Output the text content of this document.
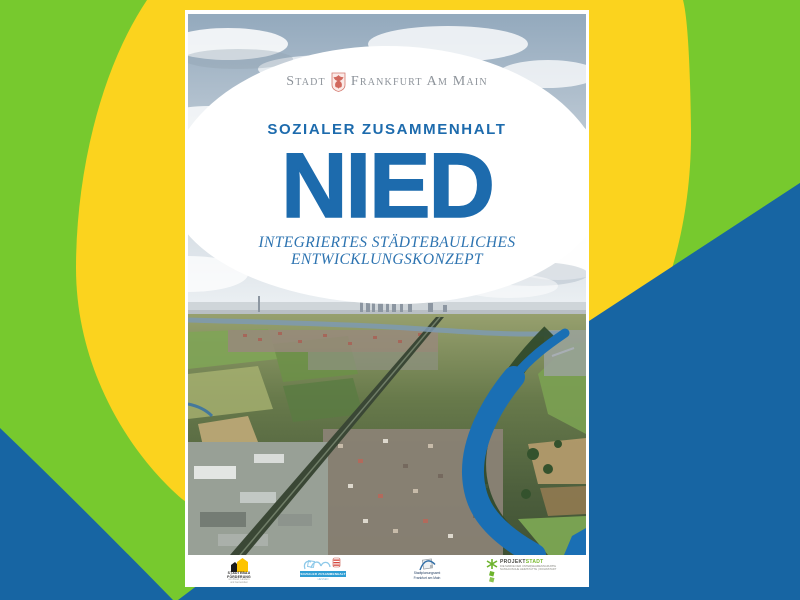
Stadt Frankfurt Am Main
SOZIALER ZUSAMMENHALT
NIED
INTEGRIERTES STÄDTEBAULICHES
ENTWICKLUNGSKONZEPT
STÄDTEBAU
FÖRDERUNG
von Bund, Ländern
und Gemeinden
SOZIALER ZUSAMMENHALT
HESSEN
Stadtplanungsamt
Frankfurt am Main
PROJEKTSTADT
DIE MARKE DER UNTERNEHMENSGRUPPE
NASSAUISCHE HEIMSTÄTTE | WOHNSTADT
